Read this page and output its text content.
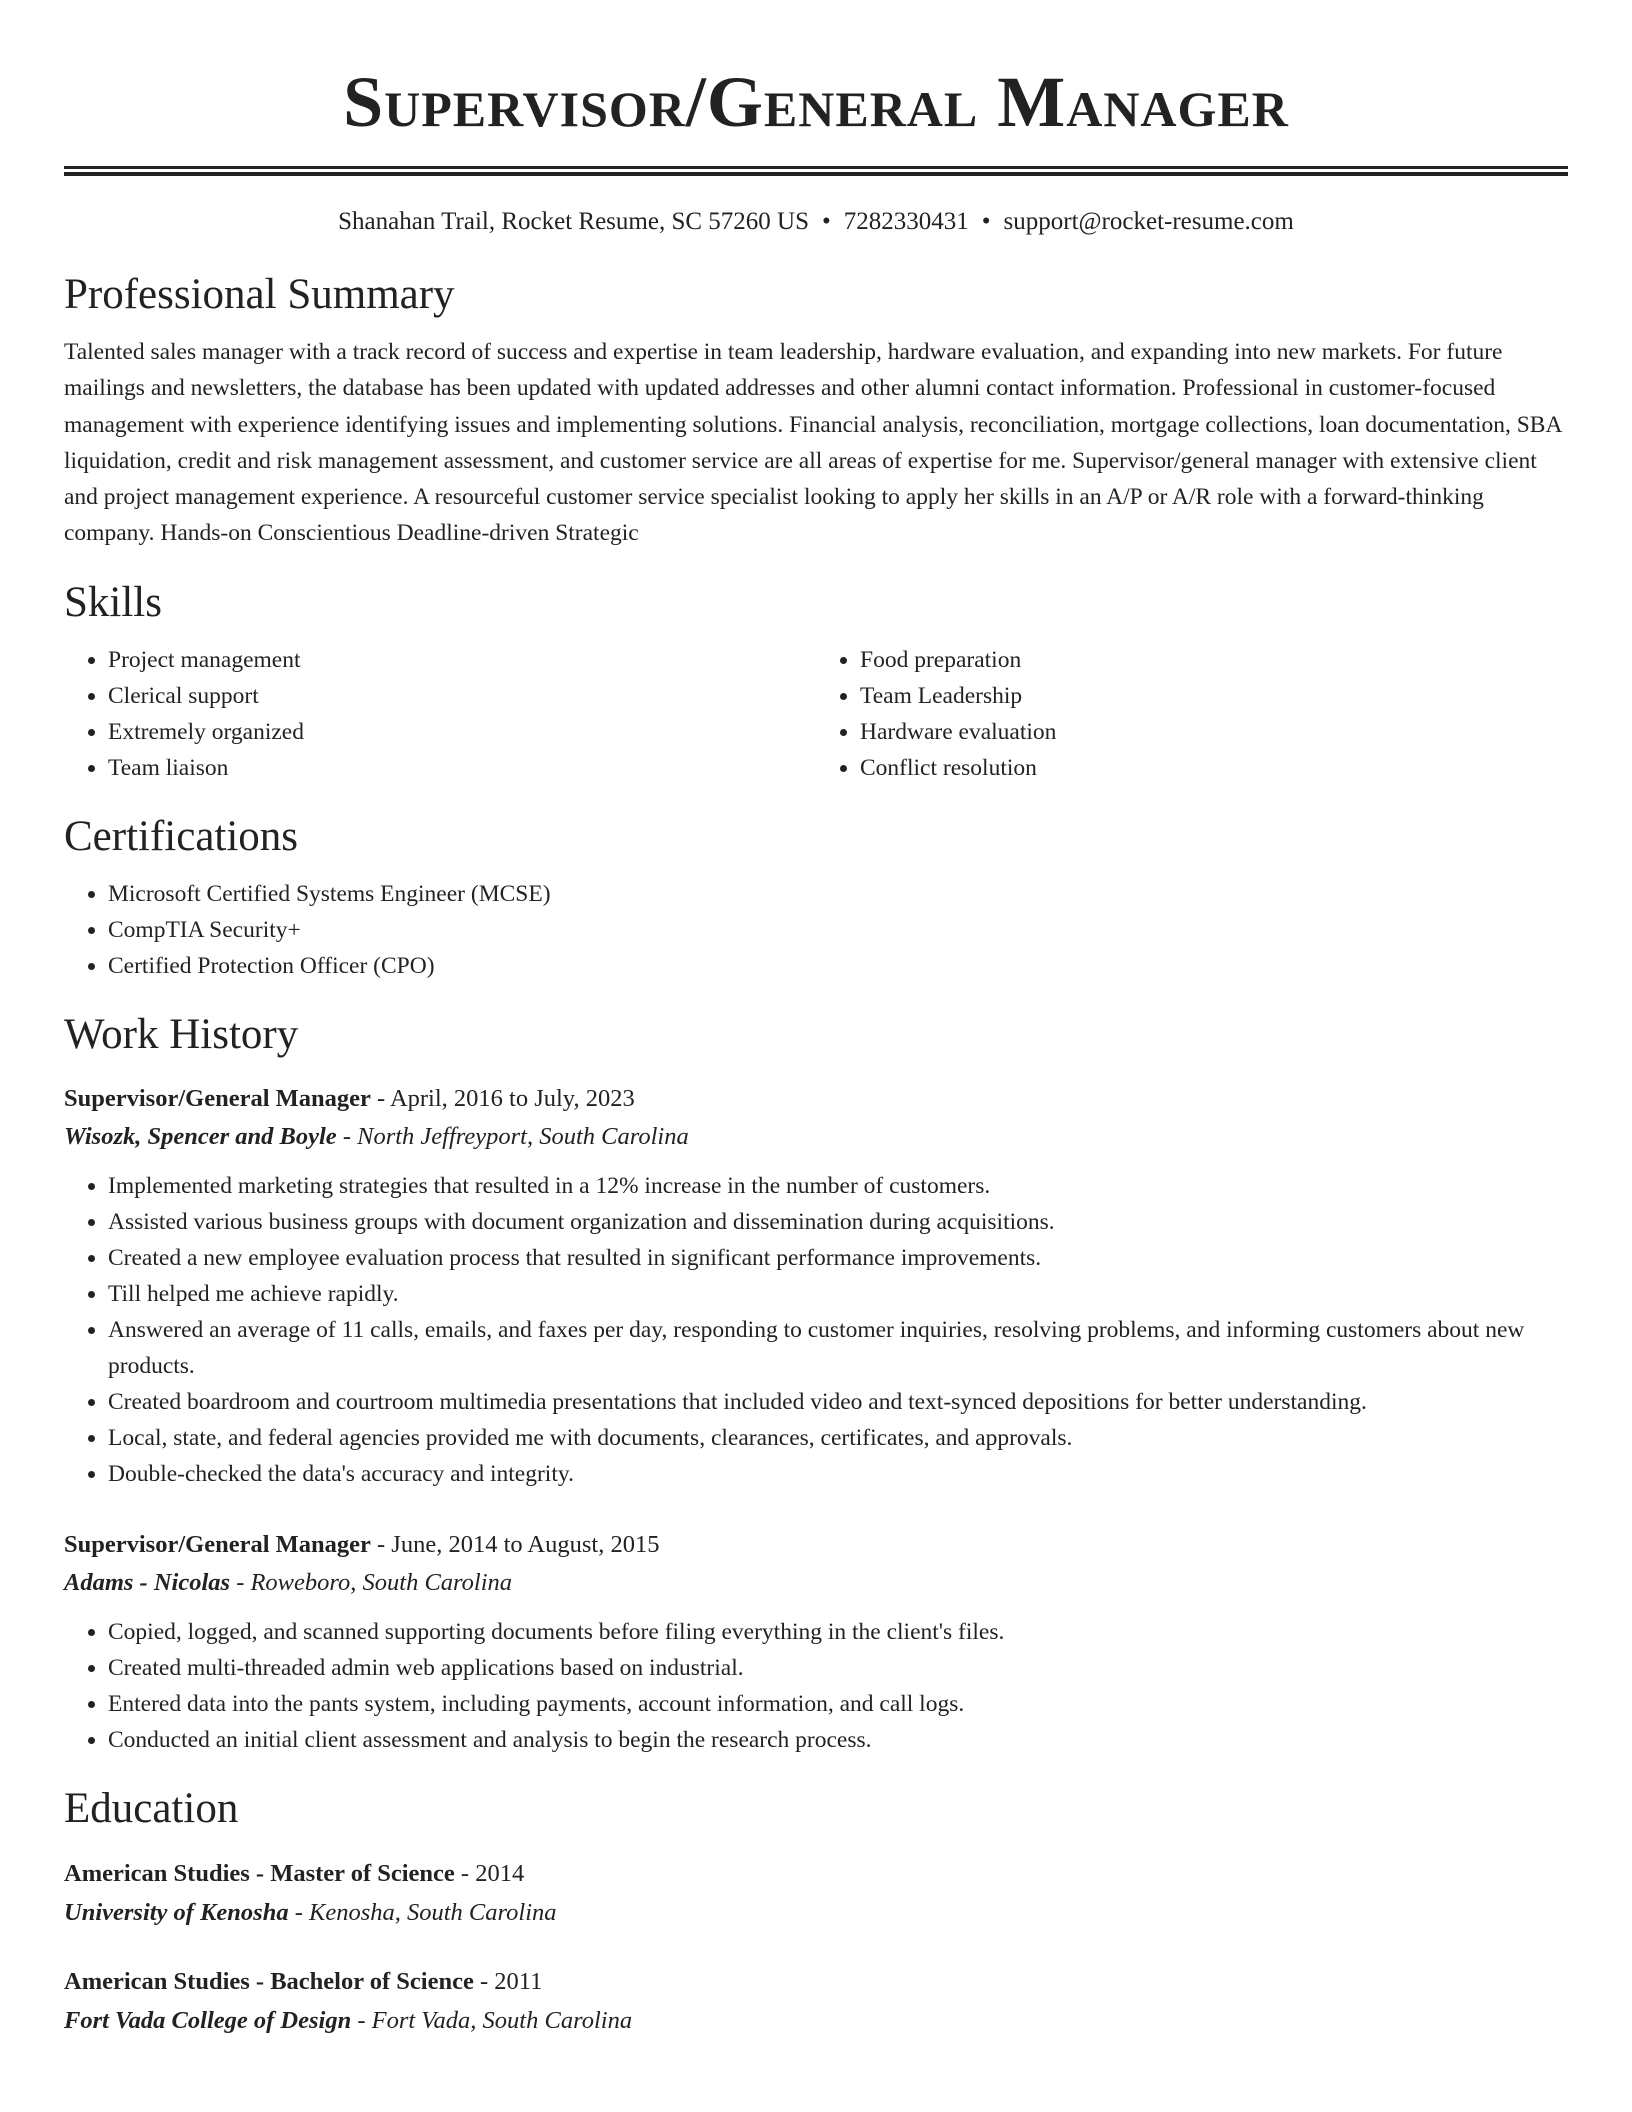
Supervisor/General Manager
Shanahan Trail, Rocket Resume, SC 57260 US • 7282330431 • support@rocket-resume.com
Professional Summary

Talented sales manager with a track record of success and expertise in team leadership, hardware evaluation, and expanding into new markets. For future mailings and newsletters, the database has been updated with updated addresses and other alumni contact information. Professional in customer-focused management with experience identifying issues and implementing solutions. Financial analysis, reconciliation, mortgage collections, loan documentation, SBA liquidation, credit and risk management assessment, and customer service are all areas of expertise for me. Supervisor/general manager with extensive client and project management experience. A resourceful customer service specialist looking to apply her skills in an A/P or A/R role with a forward-thinking company. Hands-on Conscientious Deadline-driven Strategic

Skills
• Project management
• Clerical support
• Extremely organized
• Team liaison
• Food preparation
• Team Leadership
• Hardware evaluation
• Conflict resolution
Certifications
• Microsoft Certified Systems Engineer (MCSE)
• CompTIA Security+
• Certified Protection Officer (CPO)
Work History
Supervisor/General Manager - April, 2016 to July, 2023
Wisozk, Spencer and Boyle - North Jeffreyport, South Carolina
• Implemented marketing strategies that resulted in a 12% increase in the number of customers.
• Assisted various business groups with document organization and dissemination during acquisitions.
• Created a new employee evaluation process that resulted in significant performance improvements.
• Till helped me achieve rapidly.
• Answered an average of 11 calls, emails, and faxes per day, responding to customer inquiries, resolving problems, and informing customers about new products.
• Created boardroom and courtroom multimedia presentations that included video and text-synced depositions for better understanding.
• Local, state, and federal agencies provided me with documents, clearances, certificates, and approvals.
• Double-checked the data's accuracy and integrity.
Supervisor/General Manager - June, 2014 to August, 2015
Adams - Nicolas - Roweboro, South Carolina
• Copied, logged, and scanned supporting documents before filing everything in the client's files.
• Created multi-threaded admin web applications based on industrial.
• Entered data into the pants system, including payments, account information, and call logs.
• Conducted an initial client assessment and analysis to begin the research process.
Education
American Studies - Master of Science - 2014
University of Kenosha - Kenosha, South Carolina
American Studies - Bachelor of Science - 2011
Fort Vada College of Design - Fort Vada, South Carolina
